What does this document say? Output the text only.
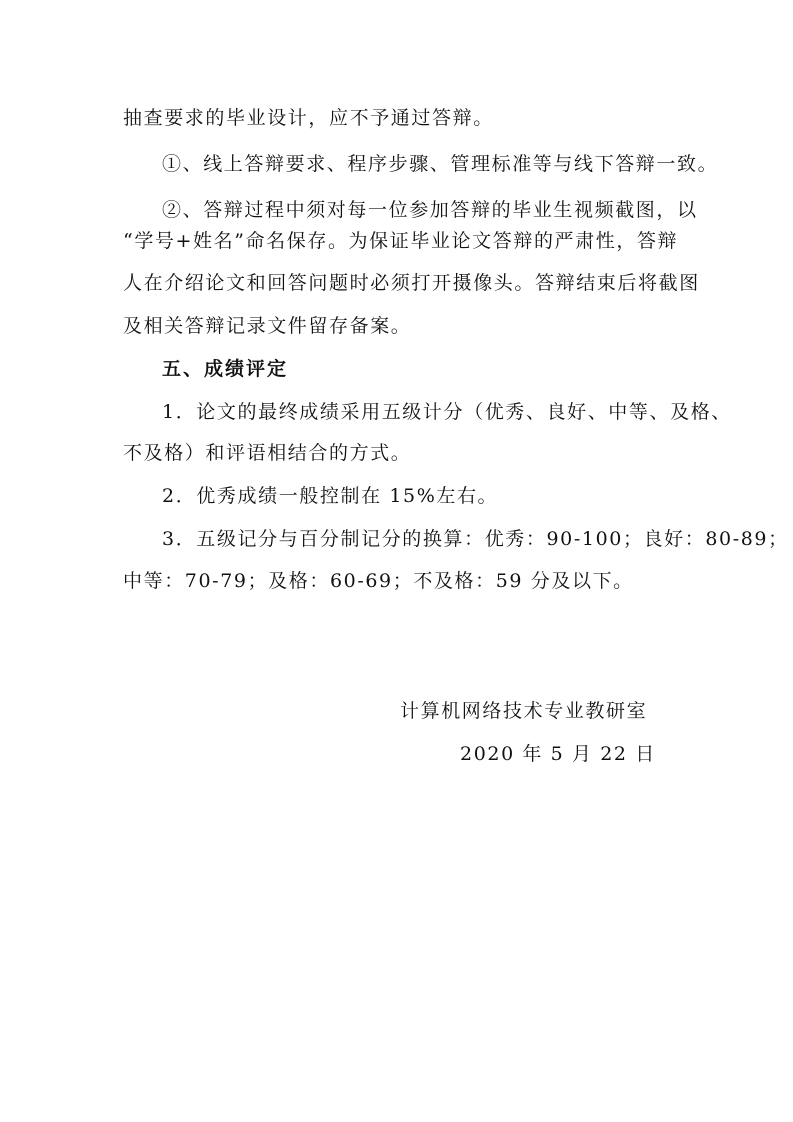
抽查要求的毕业设计，应不予通过答辩。
①、线上答辩要求、程序步骤、管理标准等与线下答辩一致。
②、答辩过程中须对每一位参加答辩的毕业生视频截图，以
“学号+姓名”命名保存。为保证毕业论文答辩的严肃性，答辩
人在介绍论文和回答问题时必须打开摄像头。答辩结束后将截图
及相关答辩记录文件留存备案。
五、成绩评定
1．论文的最终成绩采用五级计分（优秀、良好、中等、及格、
不及格）和评语相结合的方式。
2．优秀成绩一般控制在 15%左右。
3．五级记分与百分制记分的换算：优秀：90-100；良好：80-89；
中等：70-79；及格：60-69；不及格：59 分及以下。
计算机网络技术专业教研室
2020 年 5 月 22 日
